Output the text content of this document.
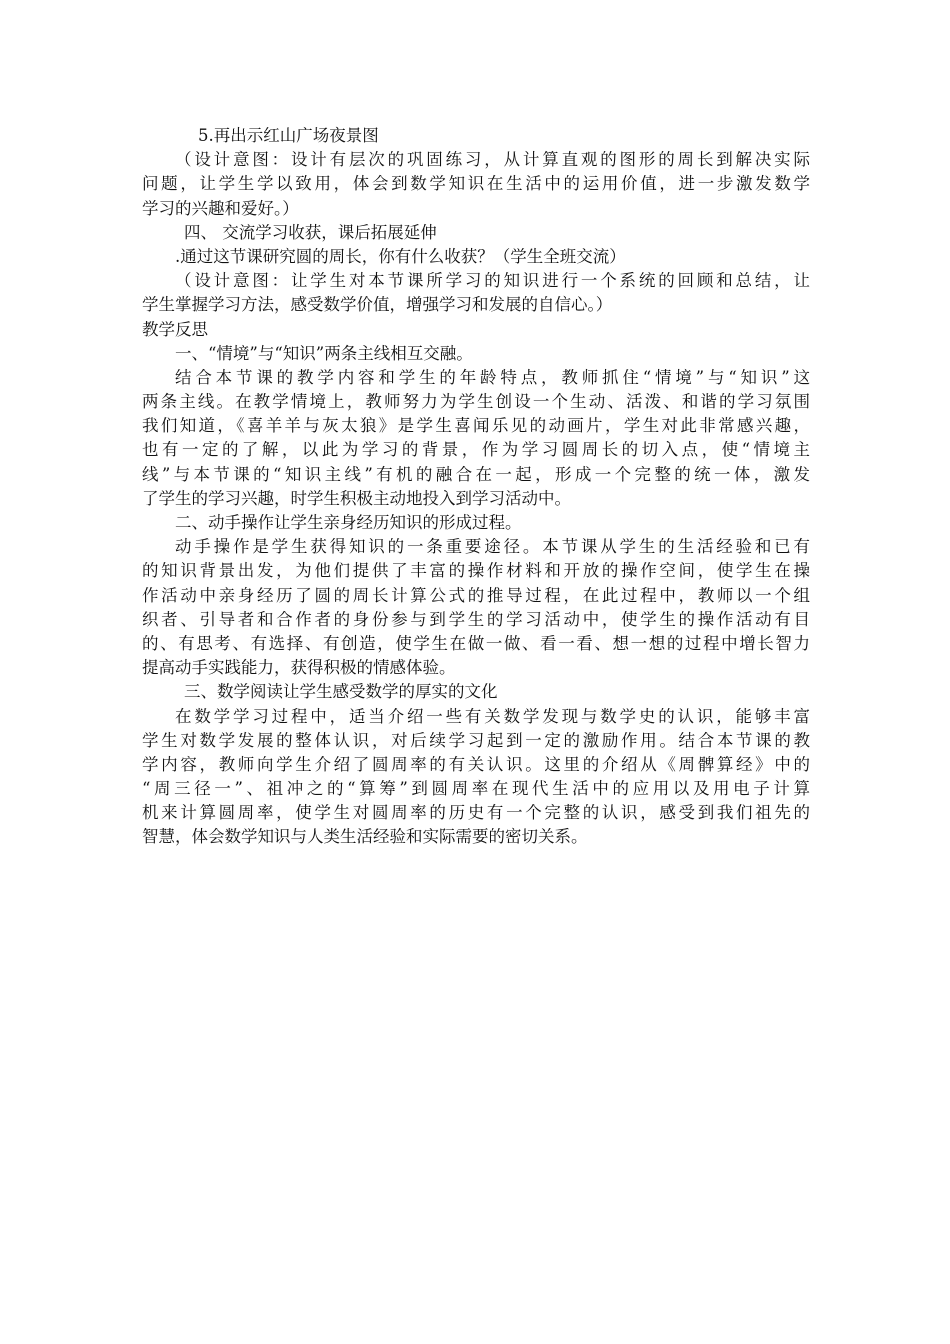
5.再出示红山广场夜景图
（设计意图：设计有层次的巩固练习，从计算直观的图形的周长到解决实际
问题，让学生学以致用，体会到数学知识在生活中的运用价值，进一步激发数学
学习的兴趣和爱好。）
四、 交流学习收获，课后拓展延伸
.通过这节课研究圆的周长，你有什么收获？（学生全班交流）
（设计意图：让学生对本节课所学习的知识进行一个系统的回顾和总结，让
学生掌握学习方法，感受数学价值，增强学习和发展的自信心。）
教学反思
一、“情境”与“知识”两条主线相互交融。
结合本节课的教学内容和学生的年龄特点，教师抓住“情境”与“知识”这
两条主线。在教学情境上，教师努力为学生创设一个生动、活泼、和谐的学习氛围
我们知道，《喜羊羊与灰太狼》是学生喜闻乐见的动画片，学生对此非常感兴趣，
也有一定的了解，以此为学习的背景，作为学习圆周长的切入点，使“情境主
线”与本节课的“知识主线”有机的融合在一起，形成一个完整的统一体，激发
了学生的学习兴趣，时学生积极主动地投入到学习活动中。
二、动手操作让学生亲身经历知识的形成过程。
动手操作是学生获得知识的一条重要途径。本节课从学生的生活经验和已有
的知识背景出发，为他们提供了丰富的操作材料和开放的操作空间，使学生在操
作活动中亲身经历了圆的周长计算公式的推导过程，在此过程中，教师以一个组
织者、引导者和合作者的身份参与到学生的学习活动中，使学生的操作活动有目
的、有思考、有选择、有创造，使学生在做一做、看一看、想一想的过程中增长智力
提高动手实践能力，获得积极的情感体验。
三、数学阅读让学生感受数学的厚实的文化
在数学学习过程中，适当介绍一些有关数学发现与数学史的认识，能够丰富
学生对数学发展的整体认识，对后续学习起到一定的激励作用。结合本节课的教
学内容，教师向学生介绍了圆周率的有关认识。这里的介绍从《周髀算经》中的
“周三径一”、祖冲之的“算筹”到圆周率在现代生活中的应用以及用电子计算
机来计算圆周率，使学生对圆周率的历史有一个完整的认识，感受到我们祖先的
智慧，体会数学知识与人类生活经验和实际需要的密切关系。
